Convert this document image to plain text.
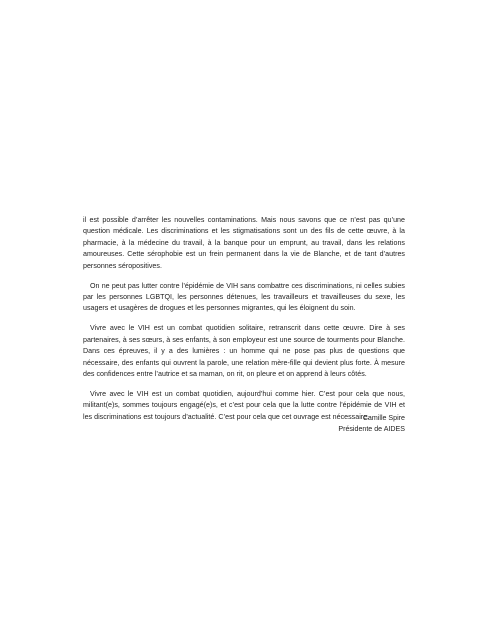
il est possible d’arrêter les nouvelles contaminations. Mais nous savons que ce n’est pas qu’une question médicale. Les discriminations et les stigmatisations sont un des fils de cette œuvre, à la pharmacie, à la médecine du travail, à la banque pour un emprunt, au travail, dans les relations amoureuses. Cette sérophobie est un frein permanent dans la vie de Blanche, et de tant d’autres personnes séropositives.

On ne peut pas lutter contre l’épidémie de VIH sans combattre ces discriminations, ni celles subies par les personnes LGBTQI, les personnes détenues, les travailleurs et travailleuses du sexe, les usagers et usagères de drogues et les personnes migrantes, qui les éloignent du soin.

Vivre avec le VIH est un combat quotidien solitaire, retranscrit dans cette œuvre. Dire à ses partenaires, à ses sœurs, à ses enfants, à son employeur est une source de tourments pour Blanche. Dans ces épreuves, il y a des lumières : un homme qui ne pose pas plus de questions que nécessaire, des enfants qui ouvrent la parole, une relation mère-fille qui devient plus forte. À mesure des confidences entre l’autrice et sa maman, on rit, on pleure et on apprend à leurs côtés.

Vivre avec le VIH est un combat quotidien, aujourd’hui comme hier. C’est pour cela que nous, militant(e)s, sommes toujours engagé(e)s, et c’est pour cela que la lutte contre l’épidémie de VIH et les discriminations est toujours d’actualité. C’est pour cela que cet ouvrage est nécessaire.

Camille Spire
Présidente de AIDES
